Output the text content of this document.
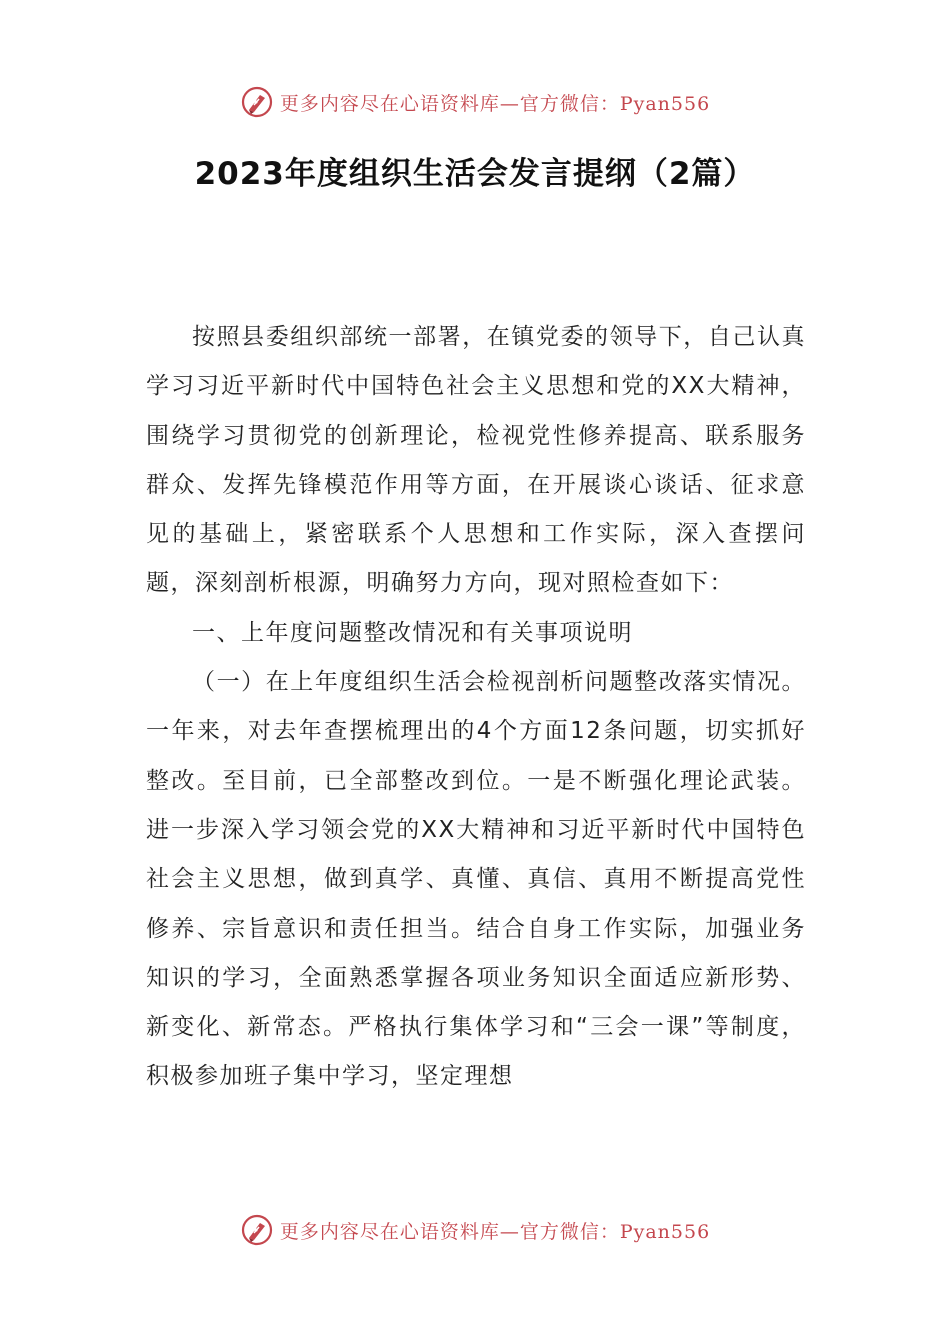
更多内容尽在心语资料库—官方微信：Pyan556
2023年度组织生活会发言提纲（2篇）

按照县委组织部统一部署，在镇党委的领导下，自己认真学习习近平新时代中国特色社会主义思想和党的XX大精神，围绕学习贯彻党的创新理论，检视党性修养提高、联系服务群众、发挥先锋模范作用等方面，在开展谈心谈话、征求意见的基础上，紧密联系个人思想和工作实际，深入查摆问题，深刻剖析根源，明确努力方向，现对照检查如下：

一、上年度问题整改情况和有关事项说明

（一）在上年度组织生活会检视剖析问题整改落实情况。一年来，对去年查摆梳理出的4个方面12条问题，切实抓好整改。至目前，已全部整改到位。一是不断强化理论武装。进一步深入学习领会党的XX大精神和习近平新时代中国特色社会主义思想，做到真学、真懂、真信、真用不断提高党性修养、宗旨意识和责任担当。结合自身工作实际，加强业务知识的学习，全面熟悉掌握各项业务知识全面适应新形势、新变化、新常态。严格执行集体学习和“三会一课”等制度，积极参加班子集中学习，坚定理想

更多内容尽在心语资料库—官方微信：Pyan556
